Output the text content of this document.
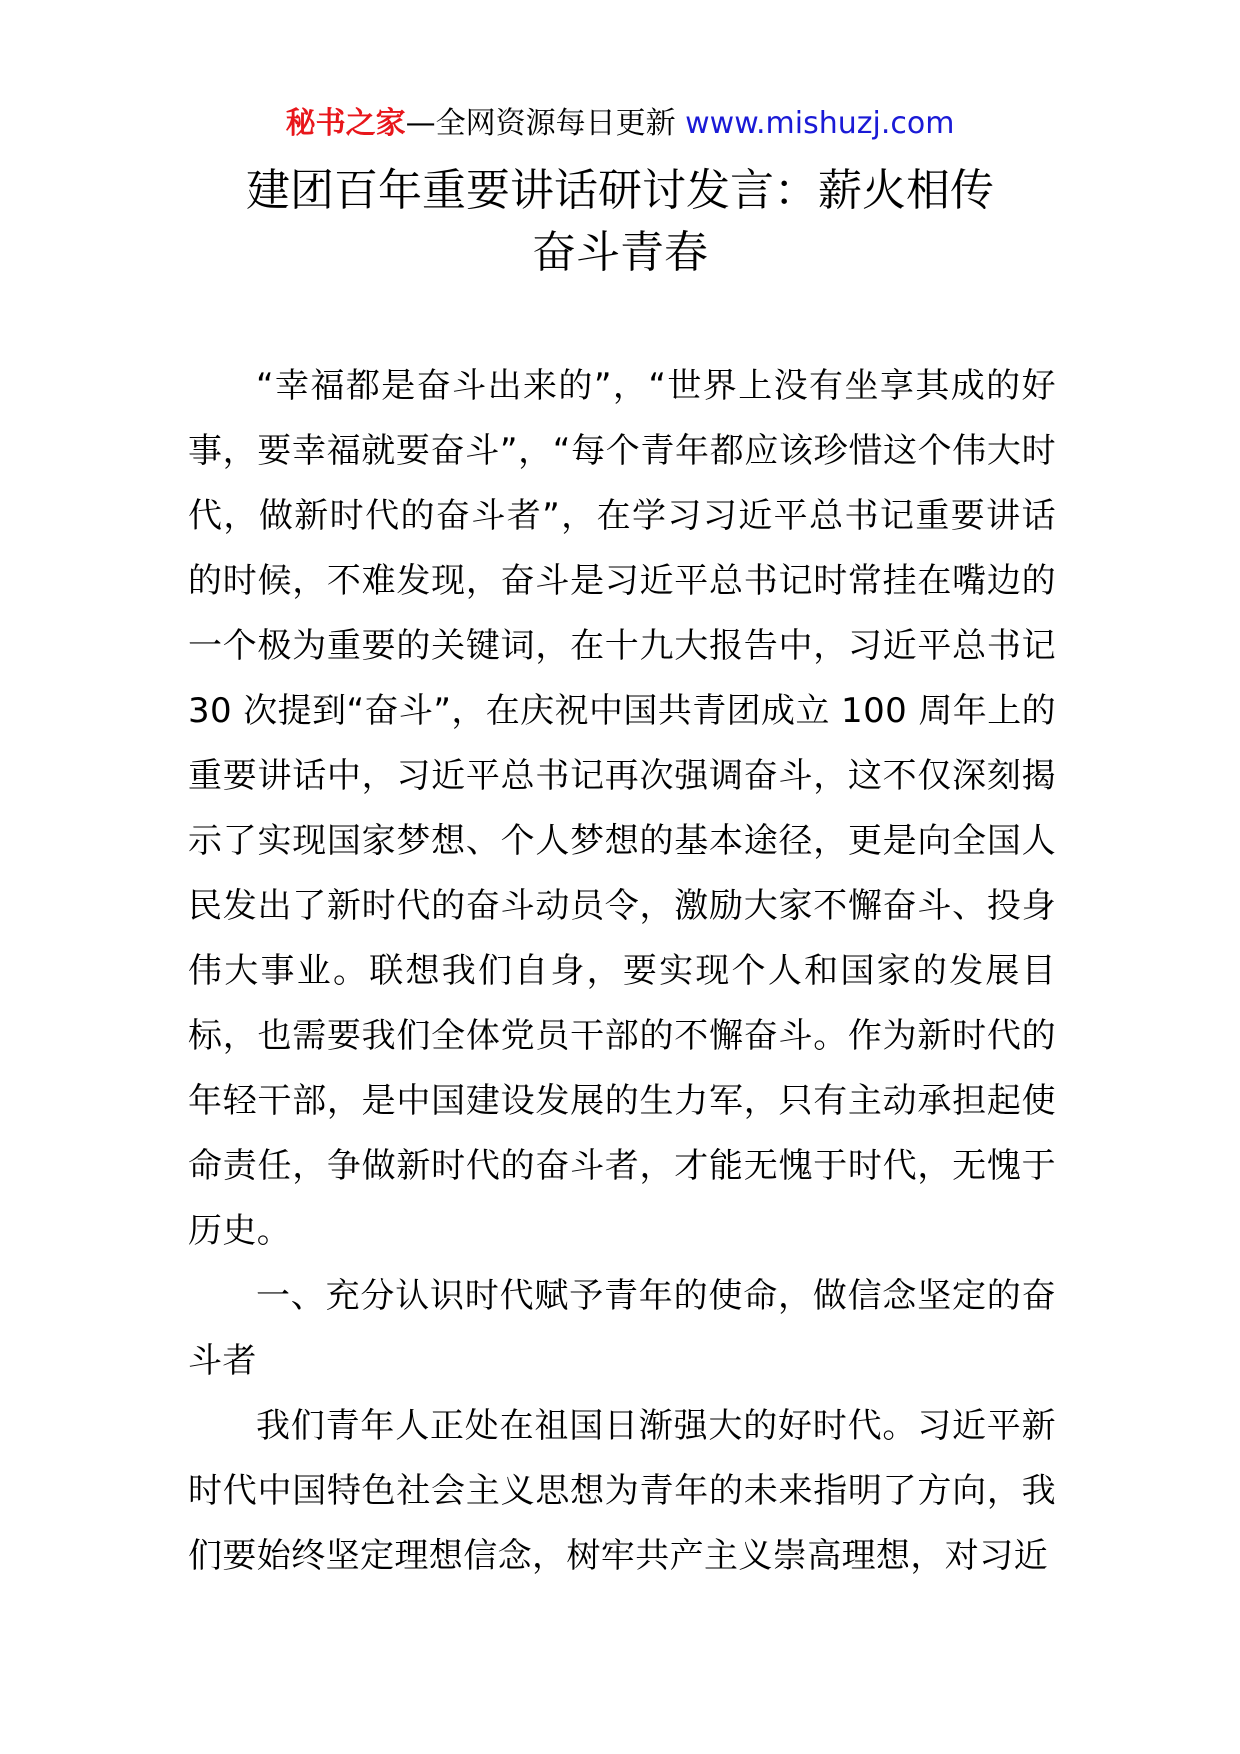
秘书之家—全网资源每日更新 www.mishuzj.com
建团百年重要讲话研讨发言：薪火相传
奋斗青春

“幸福都是奋斗出来的”，“世界上没有坐享其成的好事，要幸福就要奋斗”，“每个青年都应该珍惜这个伟大时代，做新时代的奋斗者”，在学习习近平总书记重要讲话的时候，不难发现，奋斗是习近平总书记时常挂在嘴边的一个极为重要的关键词，在十九大报告中，习近平总书记 30 次提到“奋斗”，在庆祝中国共青团成立 100 周年上的重要讲话中，习近平总书记再次强调奋斗，这不仅深刻揭示了实现国家梦想、个人梦想的基本途径，更是向全国人民发出了新时代的奋斗动员令，激励大家不懈奋斗、投身伟大事业。联想我们自身，要实现个人和国家的发展目标，也需要我们全体党员干部的不懈奋斗。作为新时代的年轻干部，是中国建设发展的生力军，只有主动承担起使命责任，争做新时代的奋斗者，才能无愧于时代，无愧于历史。

一、充分认识时代赋予青年的使命，做信念坚定的奋斗者

我们青年人正处在祖国日渐强大的好时代。习近平新时代中国特色社会主义思想为青年的未来指明了方向，我们要始终坚定理想信念，树牢共产主义崇高理想，对习近
